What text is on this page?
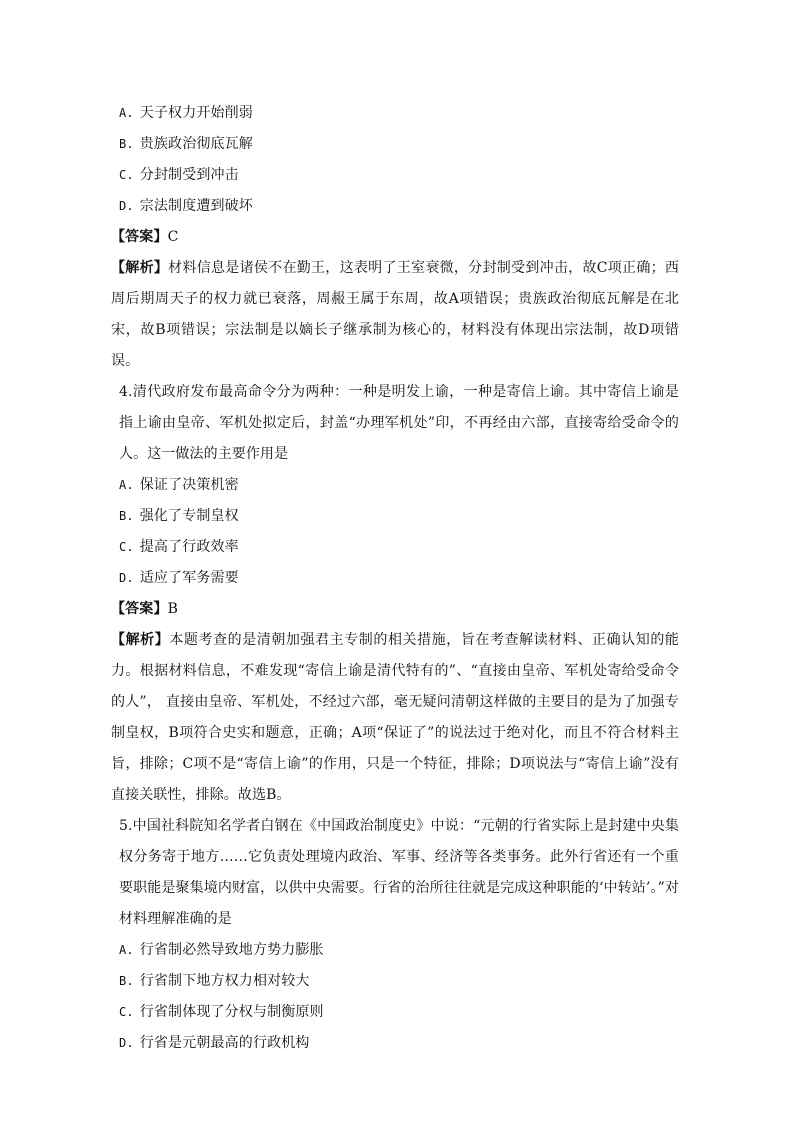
A. 天子权力开始削弱
B. 贵族政治彻底瓦解
C. 分封制受到冲击
D. 宗法制度遭到破坏
【答案】C
【解析】材料信息是诸侯不在勤王，这表明了王室衰微，分封制受到冲击，故C项正确；西周后期周天子的权力就已衰落，周赧王属于东周，故A项错误；贵族政治彻底瓦解是在北宋，故B项错误；宗法制是以嫡长子继承制为核心的，材料没有体现出宗法制，故D项错误。
4.清代政府发布最高命令分为两种：一种是明发上谕，一种是寄信上谕。其中寄信上谕是指上谕由皇帝、军机处拟定后，封盖“办理军机处”印，不再经由六部，直接寄给受命令的人。这一做法的主要作用是
A. 保证了决策机密
B. 强化了专制皇权
C. 提高了行政效率
D. 适应了军务需要
【答案】B
【解析】本题考查的是清朝加强君主专制的相关措施，旨在考查解读材料、正确认知的能力。根据材料信息，不难发现“寄信上谕是清代特有的”、“直接由皇帝、军机处寄给受命令的人”， 直接由皇帝、军机处，不经过六部，毫无疑问清朝这样做的主要目的是为了加强专制皇权，B项符合史实和题意，正确；A项“保证了”的说法过于绝对化，而且不符合材料主旨，排除；C项不是“寄信上谕”的作用，只是一个特征，排除；D项说法与“寄信上谕”没有直接关联性，排除。故选B。
5.中国社科院知名学者白钢在《中国政治制度史》中说：“元朝的行省实际上是封建中央集权分务寄于地方……它负责处理境内政治、军事、经济等各类事务。此外行省还有一个重要职能是聚集境内财富，以供中央需要。行省的治所往往就是完成这种职能的‘中转站’。”对材料理解准确的是
A. 行省制必然导致地方势力膨胀
B. 行省制下地方权力相对较大
C. 行省制体现了分权与制衡原则
D. 行省是元朝最高的行政机构
